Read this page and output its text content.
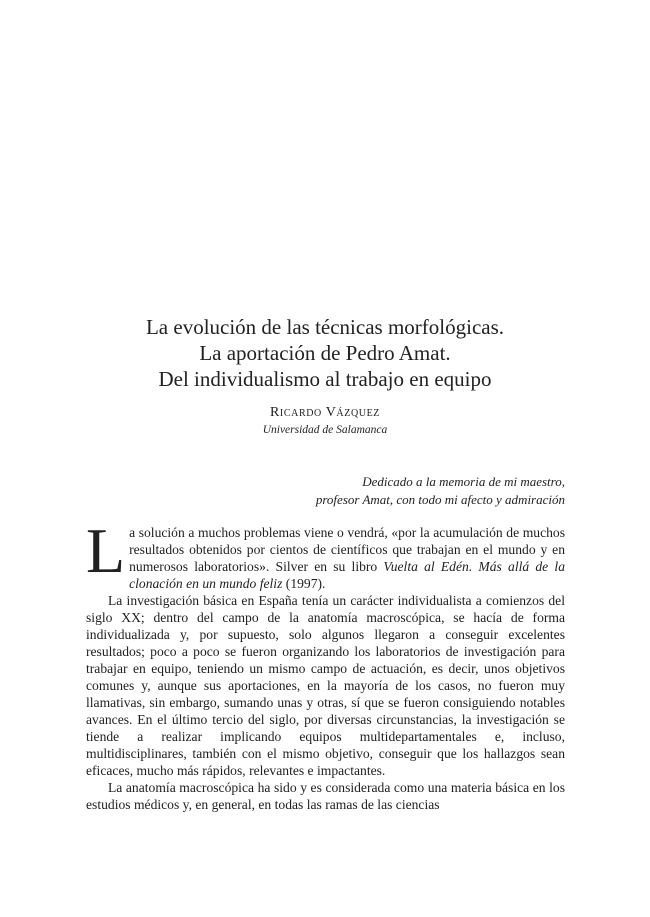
La evolución de las técnicas morfológicas.
La aportación de Pedro Amat.
Del individualismo al trabajo en equipo
Ricardo Vázquez
Universidad de Salamanca
Dedicado a la memoria de mi maestro,
profesor Amat, con todo mi afecto y admiración

La solución a muchos problemas viene o vendrá, «por la acumulación de muchos resultados obtenidos por cientos de científicos que trabajan en el mundo y en numerosos laboratorios». Silver en su libro Vuelta al Edén. Más allá de la clonación en un mundo feliz (1997).

La investigación básica en España tenía un carácter individualista a comienzos del siglo XX; dentro del campo de la anatomía macroscópica, se hacía de forma individualizada y, por supuesto, solo algunos llegaron a conseguir excelentes resultados; poco a poco se fueron organizando los laboratorios de investigación para trabajar en equipo, teniendo un mismo campo de actuación, es decir, unos objetivos comunes y, aunque sus aportaciones, en la mayoría de los casos, no fueron muy llamativas, sin embargo, sumando unas y otras, sí que se fueron consiguiendo notables avances. En el último tercio del siglo, por diversas circunstancias, la investigación se tiende a realizar implicando equipos multidepartamentales e, incluso, multidisciplinares, también con el mismo objetivo, conseguir que los hallazgos sean eficaces, mucho más rápidos, relevantes e impactantes.

La anatomía macroscópica ha sido y es considerada como una materia básica en los estudios médicos y, en general, en todas las ramas de las ciencias
